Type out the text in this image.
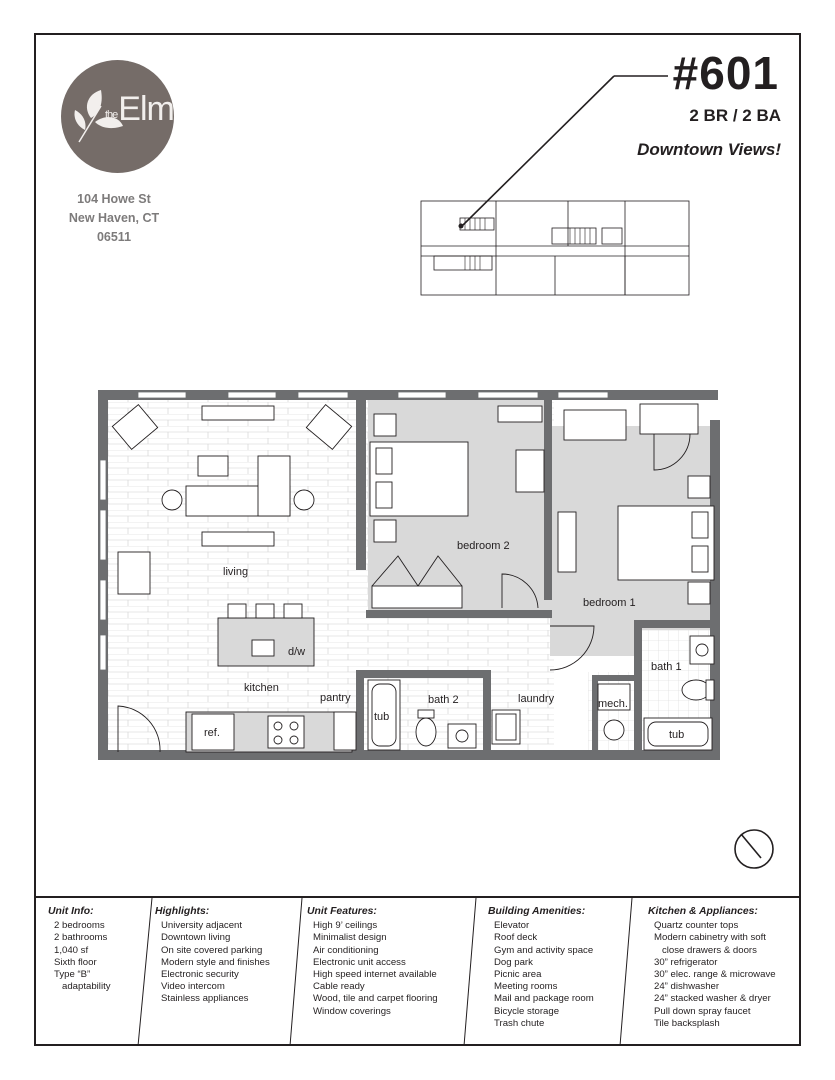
theElm
104 Howe St
New Haven, CT
06511
#601
2 BR / 2 BA
Downtown Views!
living
kitchen
d/w
pantry
ref.
tub
bath 2	laundry	mech.
bedroom 2
bedroom 1
bath 1
tub
Unit Info:
2 bedrooms
2 bathrooms
1,040 sf
Sixth floor
Type “B”
adaptability
Highlights:
University adjacent
Downtown living
On site covered parking
Modern style and finishes
Electronic security
Video intercom
Stainless appliances
Unit Features:
High 9’ ceilings
Minimalist design
Air conditioning
Electronic unit access
High speed internet available
Cable ready
Wood, tile and carpet flooring
Window coverings
Building Amenities:
Elevator
Roof deck
Gym and activity space
Dog park
Picnic area
Meeting rooms
Mail and package room
Bicycle storage
Trash chute
Kitchen & Appliances:
Quartz counter tops
Modern cabinetry with soft
close drawers & doors
30” refrigerator
30” elec. range & microwave
24” dishwasher
24” stacked washer & dryer
Pull down spray faucet
Tile backsplash
